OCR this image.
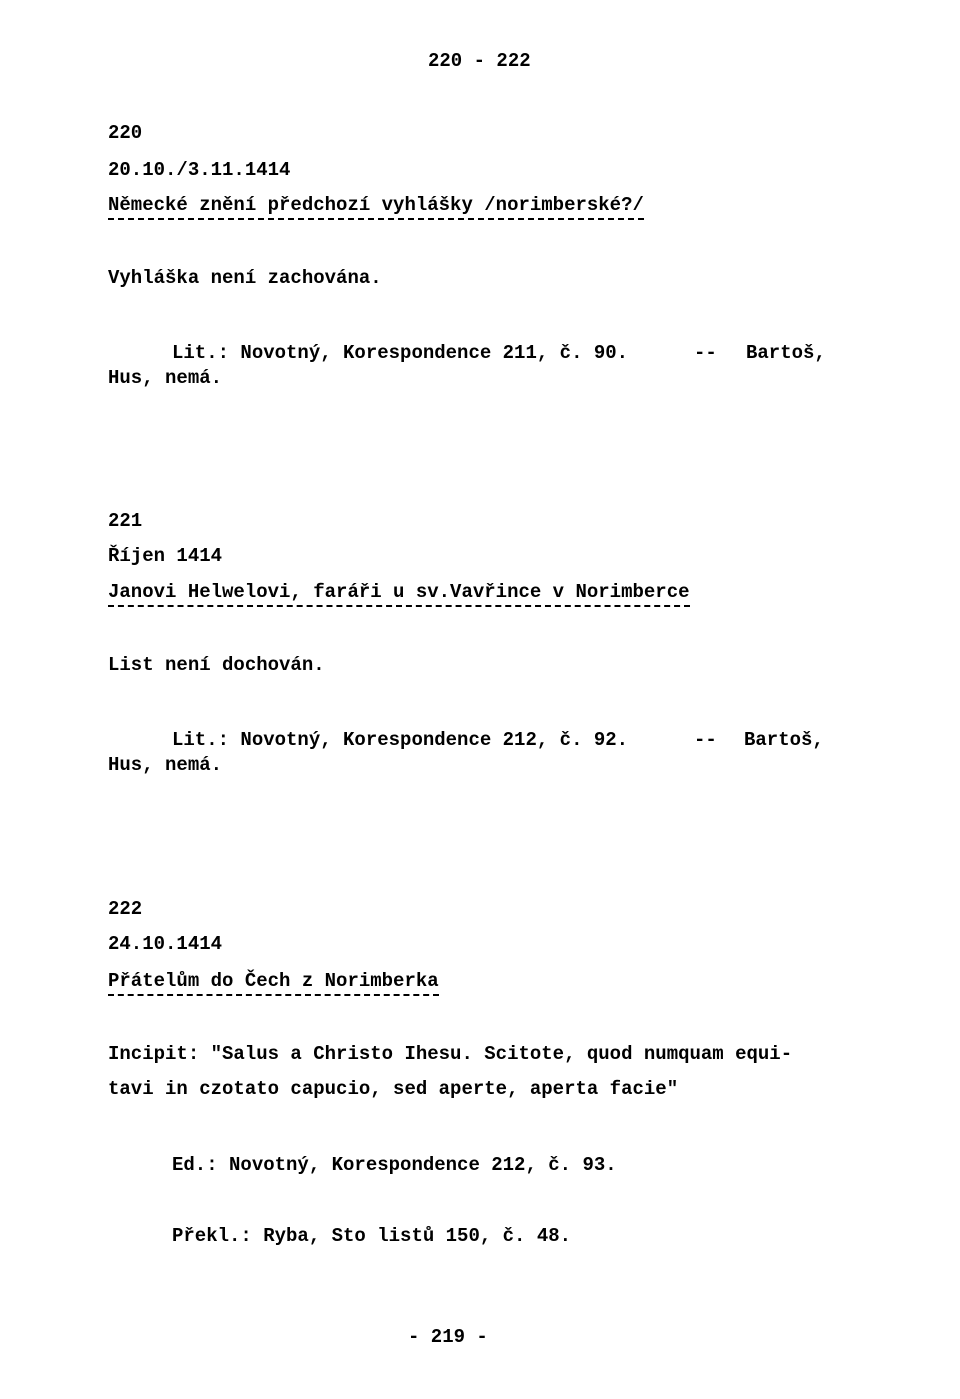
220 - 222
220
20.10./3.11.1414
Německé znění předchozí vyhlášky /norimberské?/
Vyhláška není zachována.
Lit.: Novotný, Korespondence 211, č. 90.	-- Bartoš,
Hus, nemá.
221
Říjen 1414
Janovi Helwelovi, faráři u sv.Vavřince v Norimberce
List není dochován.
Lit.: Novotný, Korespondence 212, č. 92.	-- Bartoš,
Hus, nemá.
222
24.10.1414
Přátelům do Čech z Norimberka
Incipit: "Salus a Christo Ihesu. Scitote, quod numquam equi-
tavi in czotato capucio, sed aperte, aperta facie"
Ed.: Novotný, Korespondence 212, č. 93.
Překl.: Ryba, Sto listů 150, č. 48.
- 219 -
